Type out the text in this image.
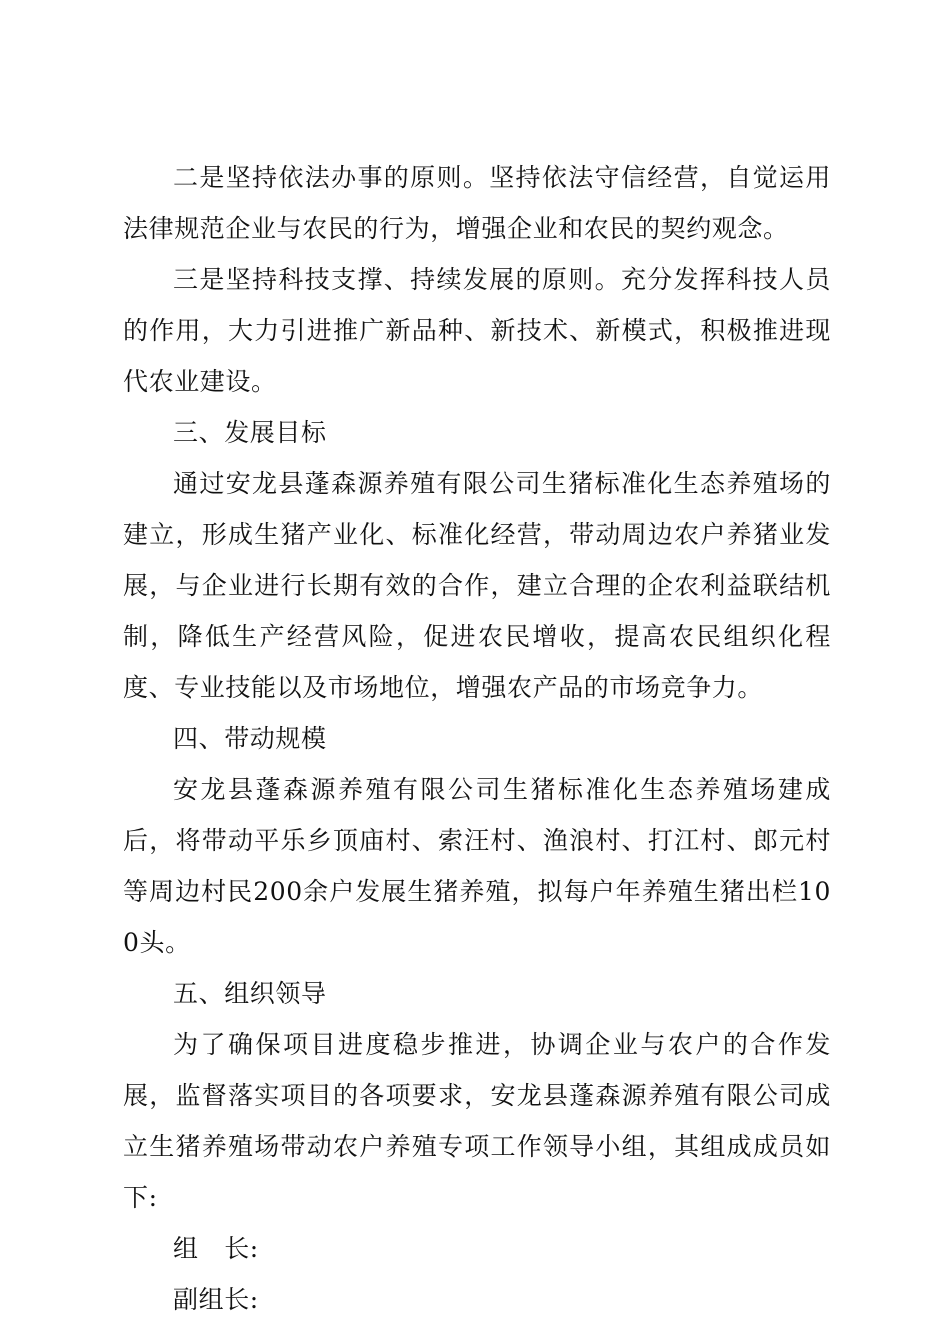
二是坚持依法办事的原则。坚持依法守信经营，自觉运用法律规范企业与农民的行为，增强企业和农民的契约观念。

三是坚持科技支撑、持续发展的原则。充分发挥科技人员的作用，大力引进推广新品种、新技术、新模式，积极推进现代农业建设。

三、发展目标

通过安龙县蓬森源养殖有限公司生猪标准化生态养殖场的建立，形成生猪产业化、标准化经营，带动周边农户养猪业发展，与企业进行长期有效的合作，建立合理的企农利益联结机制，降低生产经营风险，促进农民增收，提高农民组织化程度、专业技能以及市场地位，增强农产品的市场竞争力。

四、带动规模

安龙县蓬森源养殖有限公司生猪标准化生态养殖场建成后，将带动平乐乡顶庙村、索汪村、渔浪村、打江村、郎元村等周边村民200余户发展生猪养殖，拟每户年养殖生猪出栏100头。

五、组织领导

为了确保项目进度稳步推进，协调企业与农户的合作发展，监督落实项目的各项要求，安龙县蓬森源养殖有限公司成立生猪养殖场带动农户养殖专项工作领导小组，其组成成员如下:

组　长:

副组长:
